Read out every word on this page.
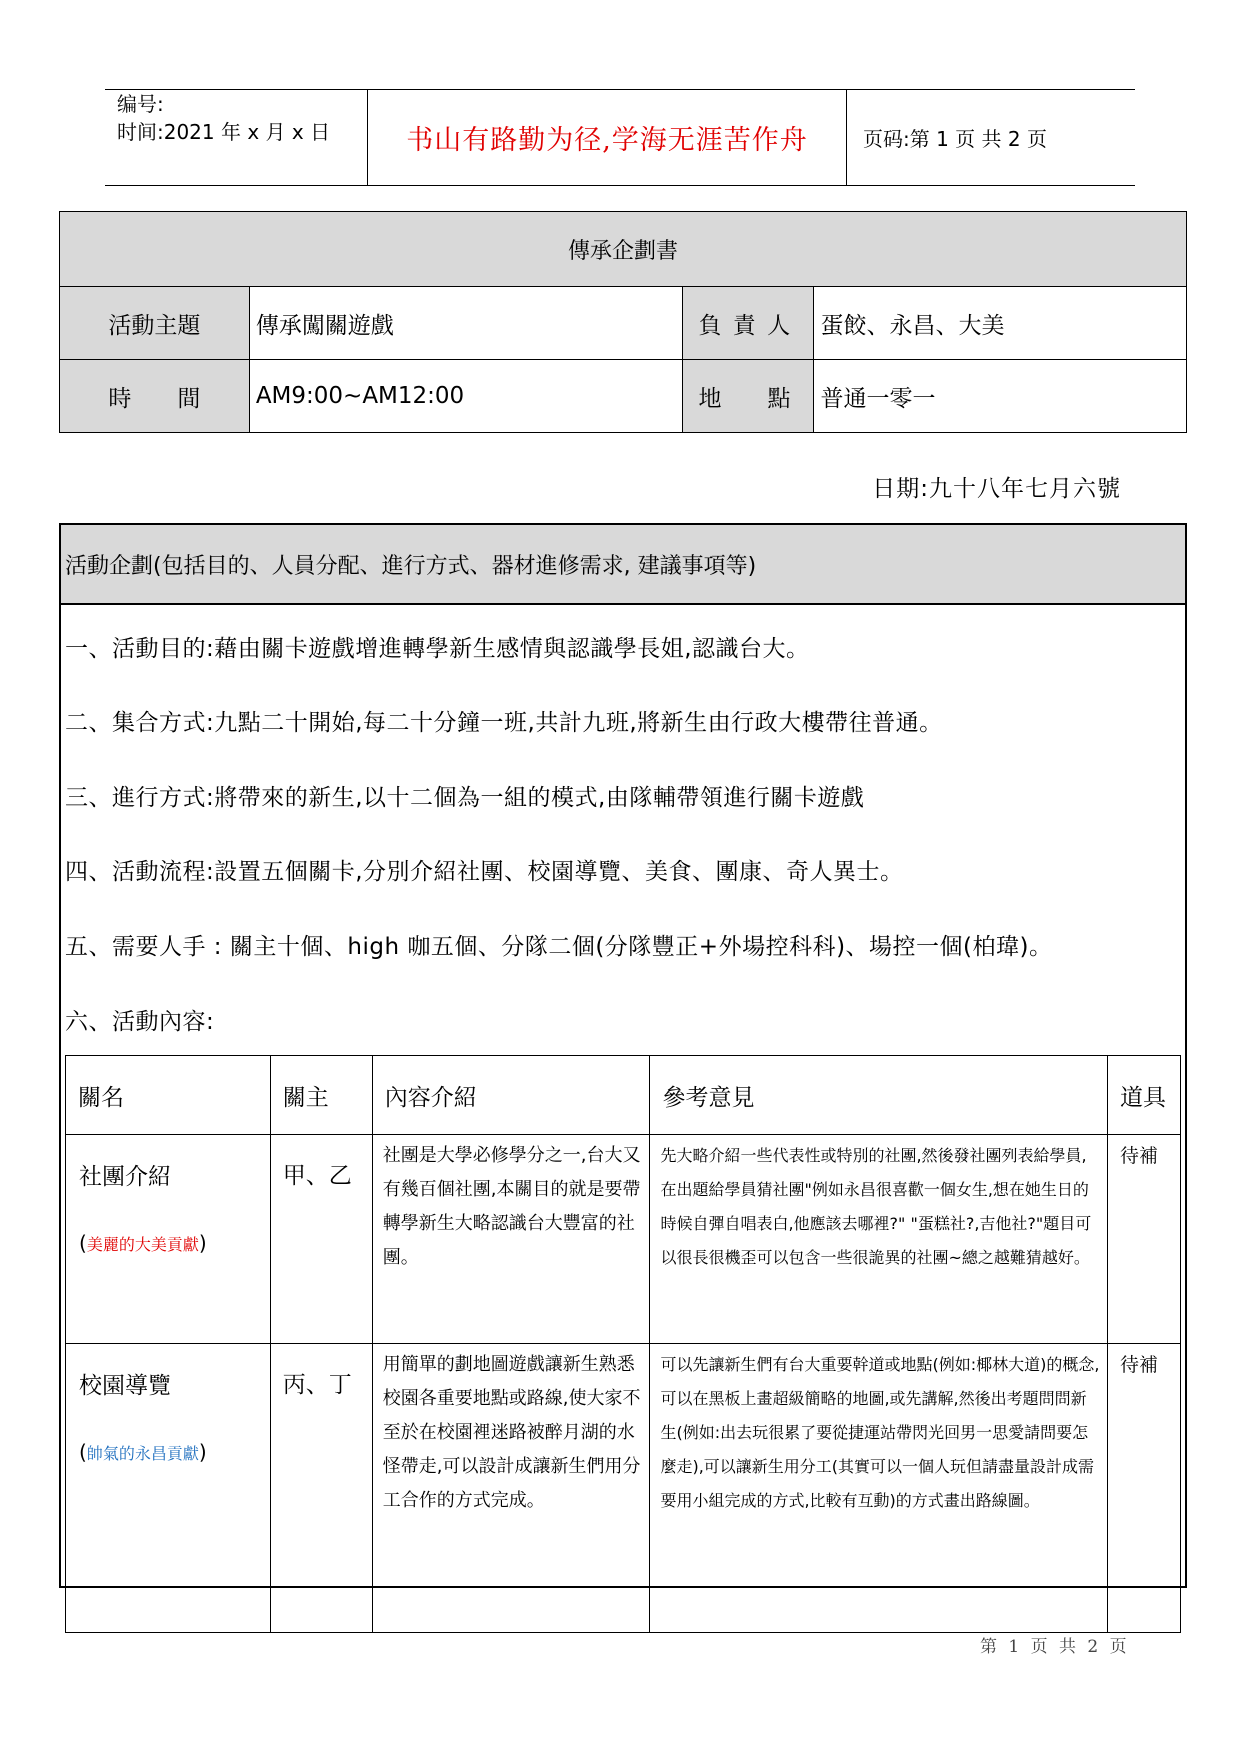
编号:
时间:2021 年 x 月 x 日	书山有路勤为径,学海无涯苦作舟	页码:第 1 页 共 2 页
傳承企劃書			
活動主題	傳承闖關遊戲	負 責 人	蛋餃、永昌、大美
時　　間	AM9:00~AM12:00	地　　點	普通一零一
日期:九十八年七月六號
活動企劃(包括目的、人員分配、進行方式、器材進修需求, 建議事項等)
一、活動目的:藉由關卡遊戲增進轉學新生感情與認識學長姐,認識台大。
二、集合方式:九點二十開始,每二十分鐘一班,共計九班,將新生由行政大樓帶往普通。
三、進行方式:將帶來的新生,以十二個為一組的模式,由隊輔帶領進行關卡遊戲
四、活動流程:設置五個關卡,分別介紹社團、校園導覽、美食、團康、奇人異士。
五、需要人手 : 關主十個、high 咖五個、分隊二個(分隊豐正+外場控科科)、場控一個(柏瑋)。
六、活動內容:
關名	關主	內容介紹	參考意見	道具

社團介紹
(美麗的大美貢獻)	甲、乙	社團是大學必修學分之一,台大又有幾百個社團,本關目的就是要帶轉學新生大略認識台大豐富的社團。	先大略介紹一些代表性或特別的社團,然後發社團列表給學員,在出題給學員猜社團"例如永昌很喜歡一個女生,想在她生日的時候自彈自唱表白,他應該去哪裡?" "蛋糕社?,吉他社?"題目可以很長很機歪可以包含一些很詭異的社團~總之越難猜越好。	待補

校園導覽
(帥氣的永昌貢獻)	丙、丁	用簡單的劃地圖遊戲讓新生熟悉校園各重要地點或路線,使大家不至於在校園裡迷路被醉月湖的水怪帶走,可以設計成讓新生們用分工合作的方式完成。	可以先讓新生們有台大重要幹道或地點(例如:椰林大道)的概念,可以在黑板上畫超級簡略的地圖,或先講解,然後出考題問問新生(例如:出去玩很累了要從捷運站帶閃光回男一思愛請問要怎麼走),可以讓新生用分工(其實可以一個人玩但請盡量設計成需要用小組完成的方式,比較有互動)的方式畫出路線圖。	待補
第 1 页 共 2 页
